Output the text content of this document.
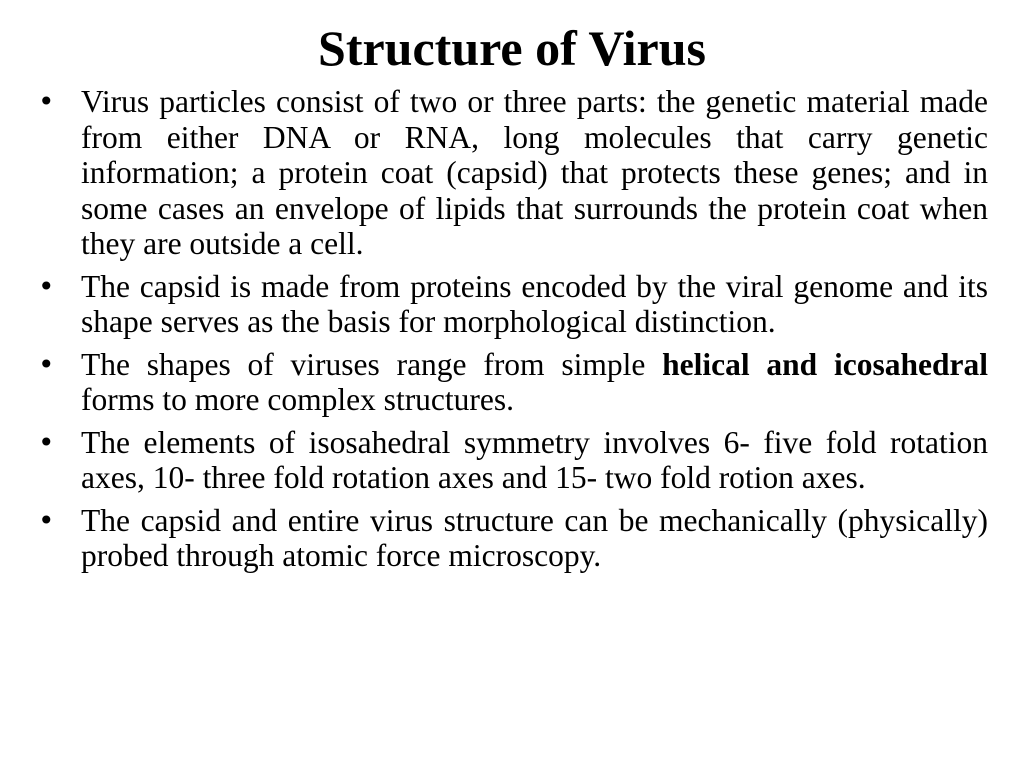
Structure of Virus
• Virus particles consist of two or three parts: the genetic material made from either DNA or RNA, long molecules that carry genetic information; a protein coat (capsid) that protects these genes; and in some cases an envelope of lipids that surrounds the protein coat when they are outside a cell.
• The capsid is made from proteins encoded by the viral genome and its shape serves as the basis for morphological distinction.
• The shapes of viruses range from simple helical and icosahedral forms to more complex structures.
• The elements of isosahedral symmetry involves 6- five fold rotation axes, 10- three fold rotation axes and 15- two fold rotion axes.
• The capsid and entire virus structure can be mechanically (physically) probed through atomic force microscopy.
